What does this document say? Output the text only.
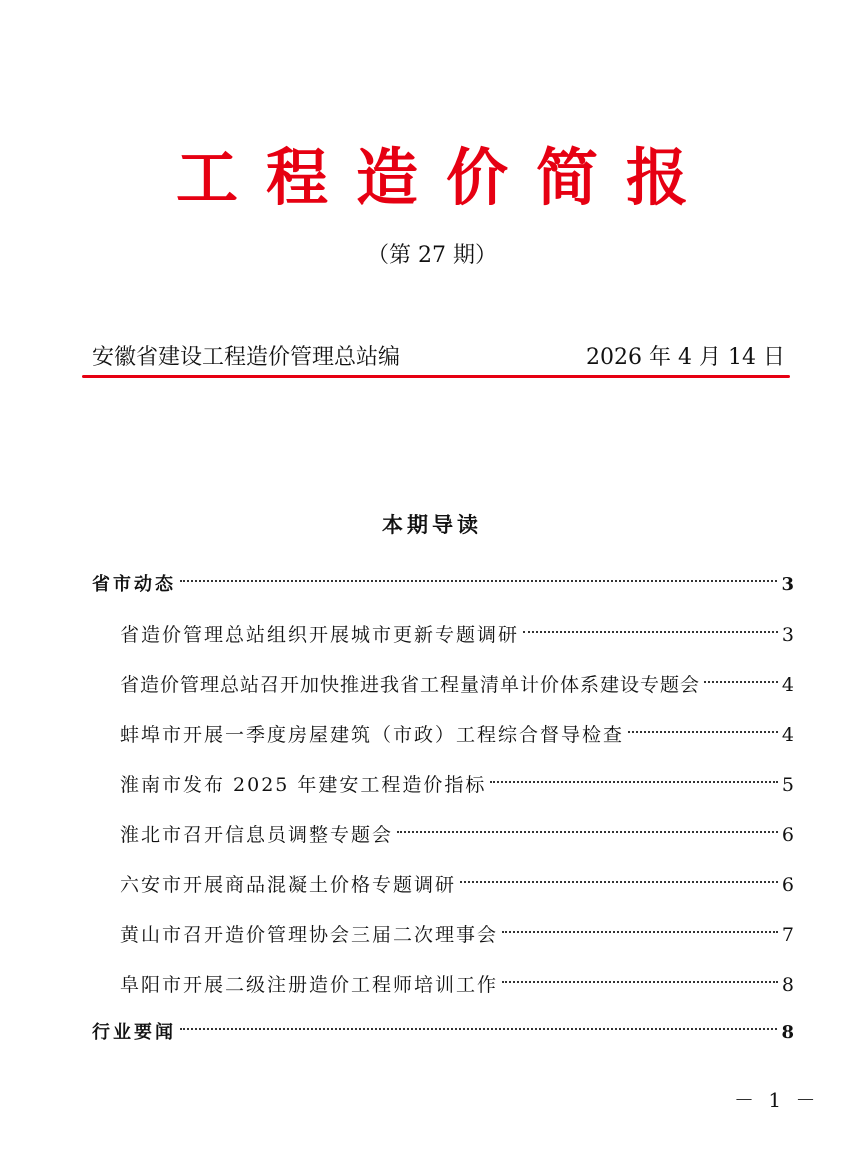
工程造价简报
（第 27 期）
安徽省建设工程造价管理总站编	2026 年 4 月 14 日
本期导读
省市动态	3
省造价管理总站组织开展城市更新专题调研	3
省造价管理总站召开加快推进我省工程量清单计价体系建设专题会	4
蚌埠市开展一季度房屋建筑（市政）工程综合督导检查	4
淮南市发布 2025 年建安工程造价指标	5
淮北市召开信息员调整专题会	6
六安市开展商品混凝土价格专题调研	6
黄山市召开造价管理协会三届二次理事会	7
阜阳市开展二级注册造价工程师培训工作	8
行业要闻	8
－ 1 －
